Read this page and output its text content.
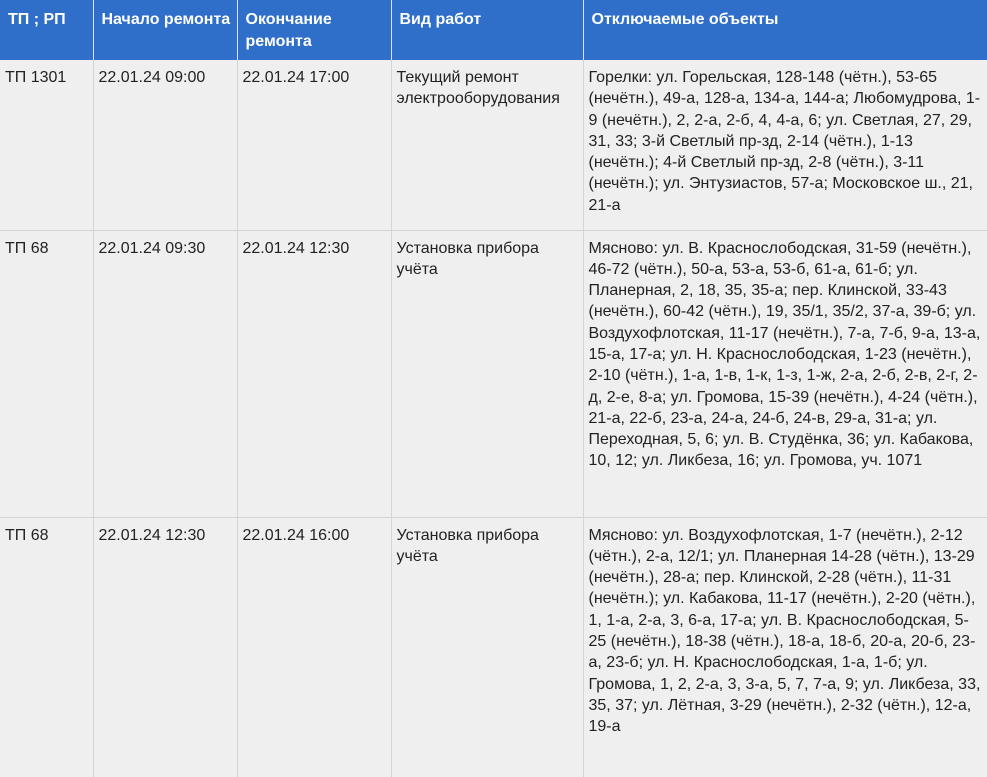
ТП ; РП	Начало ремонта	Окончание ремонта	Вид работ	Отключаемые объекты
ТП 1301	22.01.24 09:00	22.01.24 17:00	Текущий ремонт электрооборудования	Горелки: ул. Горельская, 128-148 (чётн.), 53-65 (нечётн.), 49-а, 128-а, 134-а, 144-а; Любомудрова, 1-9 (нечётн.), 2, 2-а, 2-б, 4, 4-а, 6; ул. Светлая, 27, 29, 31, 33; 3-й Светлый пр-зд, 2-14 (чётн.), 1-13 (нечётн.); 4-й Светлый пр-зд, 2-8 (чётн.), 3-11 (нечётн.); ул. Энтузиастов, 57-а; Московское ш., 21, 21-а
ТП 68	22.01.24 09:30	22.01.24 12:30	Установка прибора учёта	Мясново: ул. В. Краснослободская, 31-59 (нечётн.), 46-72 (чётн.), 50-а, 53-а, 53-б, 61-а, 61-б; ул. Планерная, 2, 18, 35, 35-а; пер. Клинской, 33-43 (нечётн.), 60-42 (чётн.), 19, 35/1, 35/2, 37-а, 39-б; ул. Воздухофлотская, 11-17 (нечётн.), 7-а, 7-б, 9-а, 13-а, 15-а, 17-а; ул. Н. Краснослободская, 1-23 (нечётн.), 2-10 (чётн.), 1-а, 1-в, 1-к, 1-з, 1-ж, 2-а, 2-б, 2-в, 2-г, 2-д, 2-е, 8-а; ул. Громова, 15-39 (нечётн.), 4-24 (чётн.), 21-а, 22-б, 23-а, 24-а, 24-б, 24-в, 29-а, 31-а; ул. Переходная, 5, 6; ул. В. Студёнка, 36; ул. Кабакова, 10, 12; ул. Ликбеза, 16; ул. Громова, уч. 1071
ТП 68	22.01.24 12:30	22.01.24 16:00	Установка прибора учёта	Мясново: ул. Воздухофлотская, 1-7 (нечётн.), 2-12 (чётн.), 2-а, 12/1; ул. Планерная 14-28 (чётн.), 13-29 (нечётн.), 28-а; пер. Клинской, 2-28 (чётн.), 11-31 (нечётн.); ул. Кабакова, 11-17 (нечётн.), 2-20 (чётн.), 1, 1-а, 2-а, 3, 6-а, 17-а; ул. В. Краснослободская, 5-25 (нечётн.), 18-38 (чётн.), 18-а, 18-б, 20-а, 20-б, 23-а, 23-б; ул. Н. Краснослободская, 1-а, 1-б; ул. Громова, 1, 2, 2-а, 3, 3-а, 5, 7, 7-а, 9; ул. Ликбеза, 33, 35, 37; ул. Лётная, 3-29 (нечётн.), 2-32 (чётн.), 12-а, 19-а
